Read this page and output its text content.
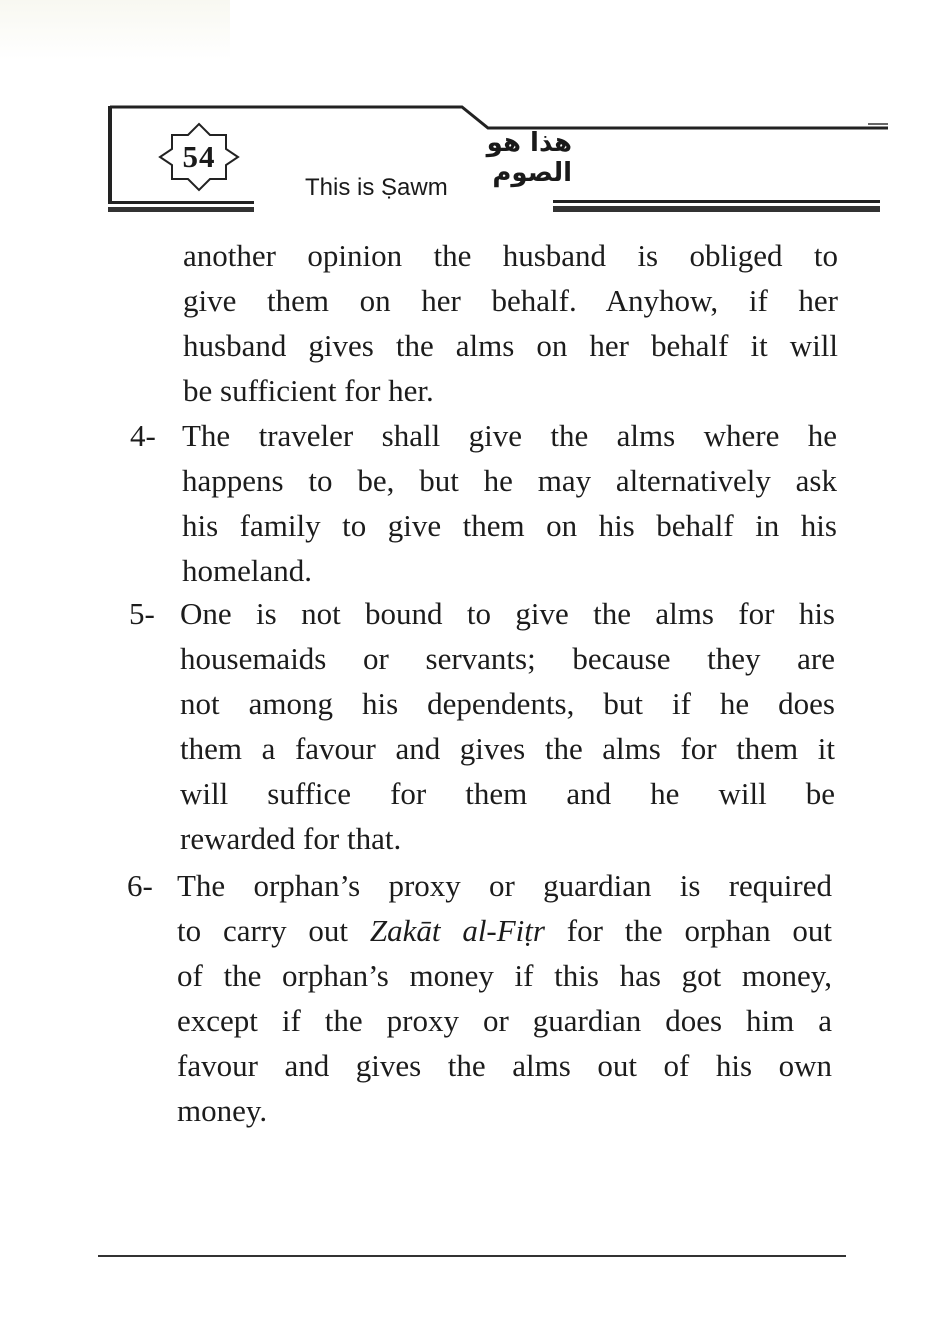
54	هذا هو الصوم
This is Ṣawm
another opinion the husband is obliged to
give them on her behalf. Anyhow, if her
husband gives the alms on her behalf it will
be sufficient for her.
4- The traveler shall give the alms where he
happens to be, but he may alternatively ask
his family to give them on his behalf in his
homeland.
5- One is not bound to give the alms for his
housemaids or servants; because they are
not among his dependents, but if he does
them a favour and gives the alms for them it
will suffice for them and he will be
rewarded for that.
6- The orphan’s proxy or guardian is required
to carry out Zakāt al-Fiṭr for the orphan out
of the orphan’s money if this has got money,
except if the proxy or guardian does him a
favour and gives the alms out of his own
money.
